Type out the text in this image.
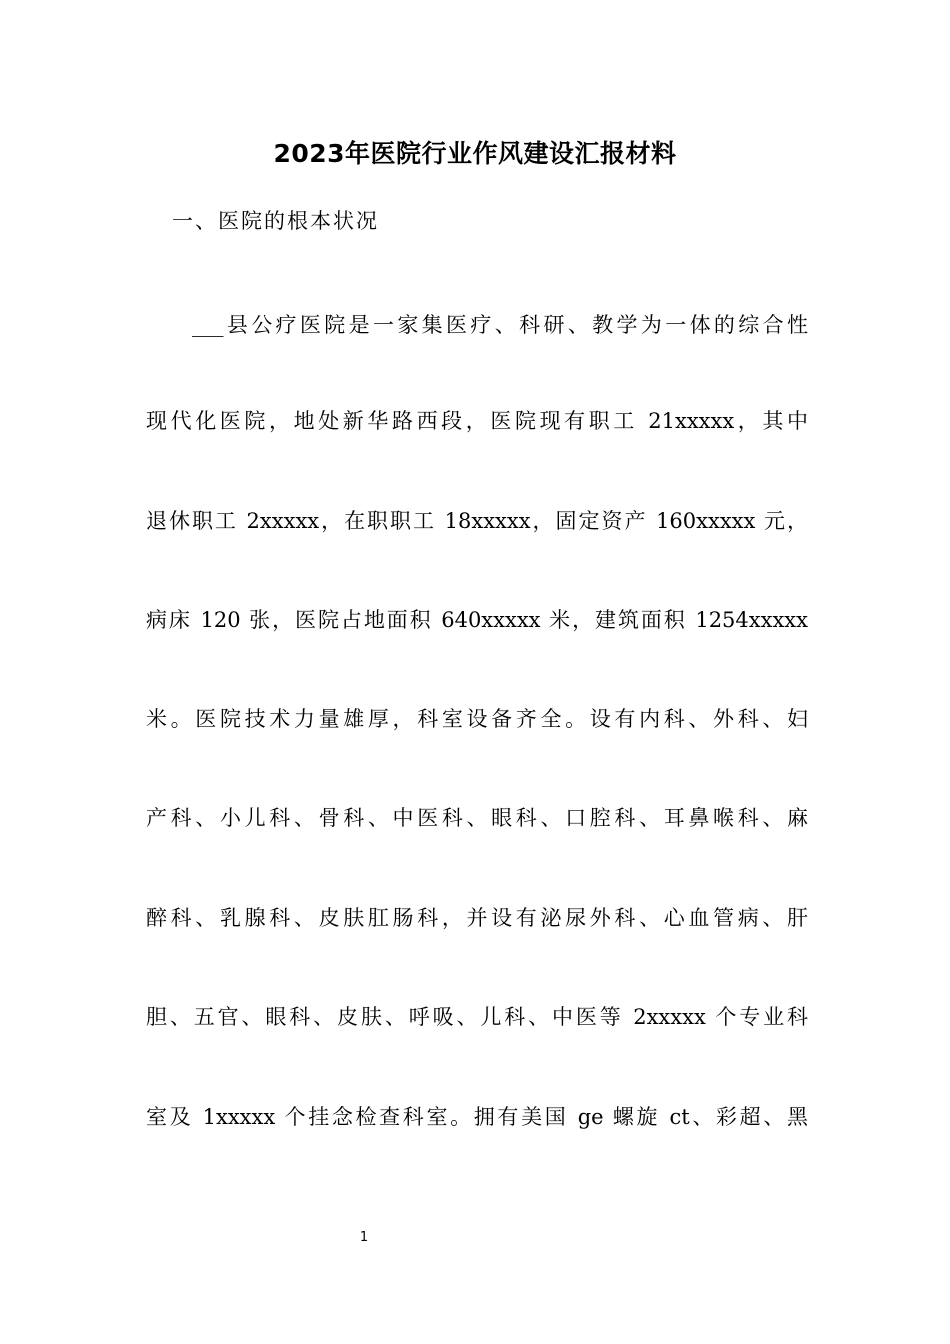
2023年医院行业作风建设汇报材料

一、医院的根本状况

___县公疗医院是一家集医疗、科研、教学为一体的综合性

现代化医院，地处新华路西段，医院现有职工 21xxxxx，其中

退休职工 2xxxxx，在职职工 18xxxxx，固定资产 160xxxxx 元，

病床 120 张，医院占地面积 640xxxxx 米，建筑面积 1254xxxxx

米。医院技术力量雄厚，科室设备齐全。设有内科、外科、妇

产科、小儿科、骨科、中医科、眼科、口腔科、耳鼻喉科、麻

醉科、乳腺科、皮肤肛肠科，并设有泌尿外科、心血管病、肝

胆、五官、眼科、皮肤、呼吸、儿科、中医等 2xxxxx 个专业科

室及 1xxxxx 个挂念检查科室。拥有美国 ge 螺旋 ct、彩超、黑

1
